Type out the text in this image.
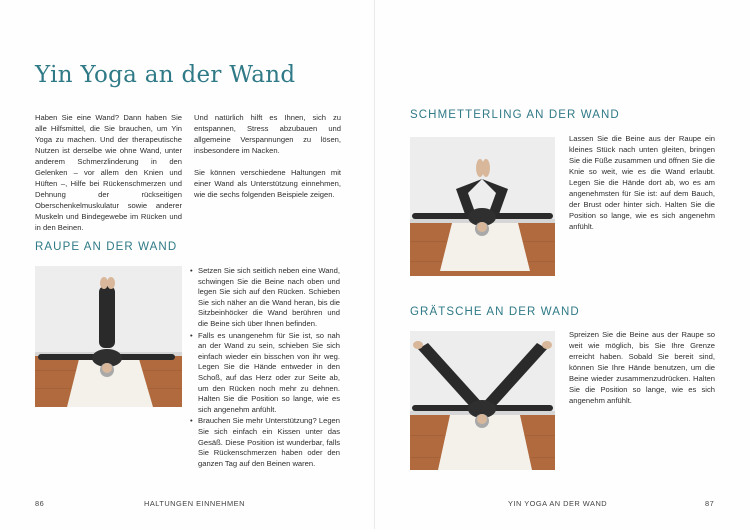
Yin Yoga an der Wand

Haben Sie eine Wand? Dann haben Sie alle Hilfsmittel, die Sie brauchen, um Yin Yoga zu machen. Und der therapeutische Nutzen ist derselbe wie ohne Wand, unter anderem Schmerzlinderung in den Gelenken – vor allem den Knien und Hüften –, Hilfe bei Rückenschmerzen und Dehnung der rückseitigen Oberschenkelmuskulatur sowie anderer Muskeln und Bindegewebe im Rücken und in den Beinen.

Und natürlich hilft es Ihnen, sich zu entspannen, Stress abzubauen und allgemeine Verspannungen zu lösen, insbesondere im Nacken.

Sie können verschiedene Haltungen mit einer Wand als Unterstützung einnehmen, wie die sechs folgenden Beispiele zeigen.

RAUPE AN DER WAND
• Setzen Sie sich seitlich neben eine Wand, schwingen Sie die Beine nach oben und legen Sie sich auf den Rücken. Schieben Sie sich näher an die Wand heran, bis die Sitzbeinhöcker die Wand berühren und die Beine sich über Ihnen befinden.
• Falls es unangenehm für Sie ist, so nah an der Wand zu sein, schieben Sie sich einfach wieder ein bisschen von ihr weg. Legen Sie die Hände entweder in den Schoß, auf das Herz oder zur Seite ab, um den Rücken noch mehr zu dehnen. Halten Sie die Position so lange, wie es sich angenehm anfühlt.
• Brauchen Sie mehr Unterstützung? Legen Sie sich einfach ein Kissen unter das Gesäß. Diese Position ist wunderbar, falls Sie Rückenschmerzen haben oder den ganzen Tag auf den Beinen waren.
86	HALTUNGEN EINNEHMEN
SCHMETTERLING AN DER WAND

Lassen Sie die Beine aus der Raupe ein kleines Stück nach unten gleiten, bringen Sie die Füße zusammen und öffnen Sie die Knie so weit, wie es die Wand erlaubt. Legen Sie die Hände dort ab, wo es am angenehmsten für Sie ist: auf dem Bauch, der Brust oder hinter sich. Halten Sie die Position so lange, wie es sich angenehm anfühlt.

GRÄTSCHE AN DER WAND

Spreizen Sie die Beine aus der Raupe so weit wie möglich, bis Sie Ihre Grenze erreicht haben. Sobald Sie bereit sind, können Sie Ihre Hände benutzen, um die Beine wieder zusammenzudrücken. Halten Sie die Position so lange, wie es sich angenehm anfühlt.

YIN YOGA AN DER WAND	87
